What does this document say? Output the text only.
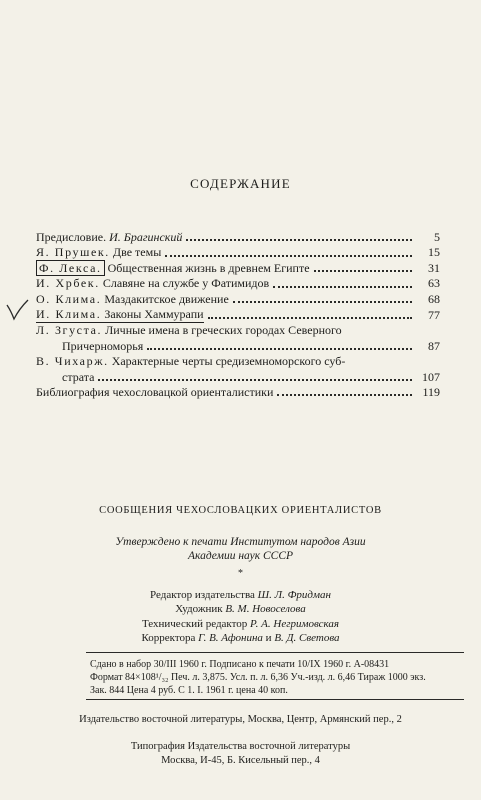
СОДЕРЖАНИЕ
Предисловие. И. Брагинский	5
Я. Прушек. Две темы	15
Ф. Лекса. Общественная жизнь в древнем Египте	31
И. Хрбек. Славяне на службе у Фатимидов	63
О. Клима. Маздакитское движение	68
И. Клима. Законы Хаммурапи	77
Л. Згуста. Личные имена в греческих городах Северного
Причерноморья	87
В. Чихарж. Характерные черты средиземноморского суб-
страта	107
Библиография чехословацкой ориенталистики	119
СООБЩЕНИЯ ЧЕХОСЛОВАЦКИХ ОРИЕНТАЛИСТОВ
Утверждено к печати Институтом народов Азии
Академии наук СССР
*
Редактор издательства Ш. Л. Фридман
Художник В. М. Новоселова
Технический редактор Р. А. Негримовская
Корректора Г. В. Афонина и В. Д. Светова
Сдано в набор 30/III 1960 г. Подписано к печати 10/IX 1960 г. А-08431
Формат 84×108¹/₃₂ Печ. л. 3,875. Усл. п. л. 6,36 Уч.-изд. л. 6,46 Тираж 1000 экз.
Зак. 844 Цена 4 руб. С 1. I. 1961 г. цена 40 коп.
Издательство восточной литературы, Москва, Центр, Армянский пер., 2
Типография Издательства восточной литературы
Москва, И-45, Б. Кисельный пер., 4
